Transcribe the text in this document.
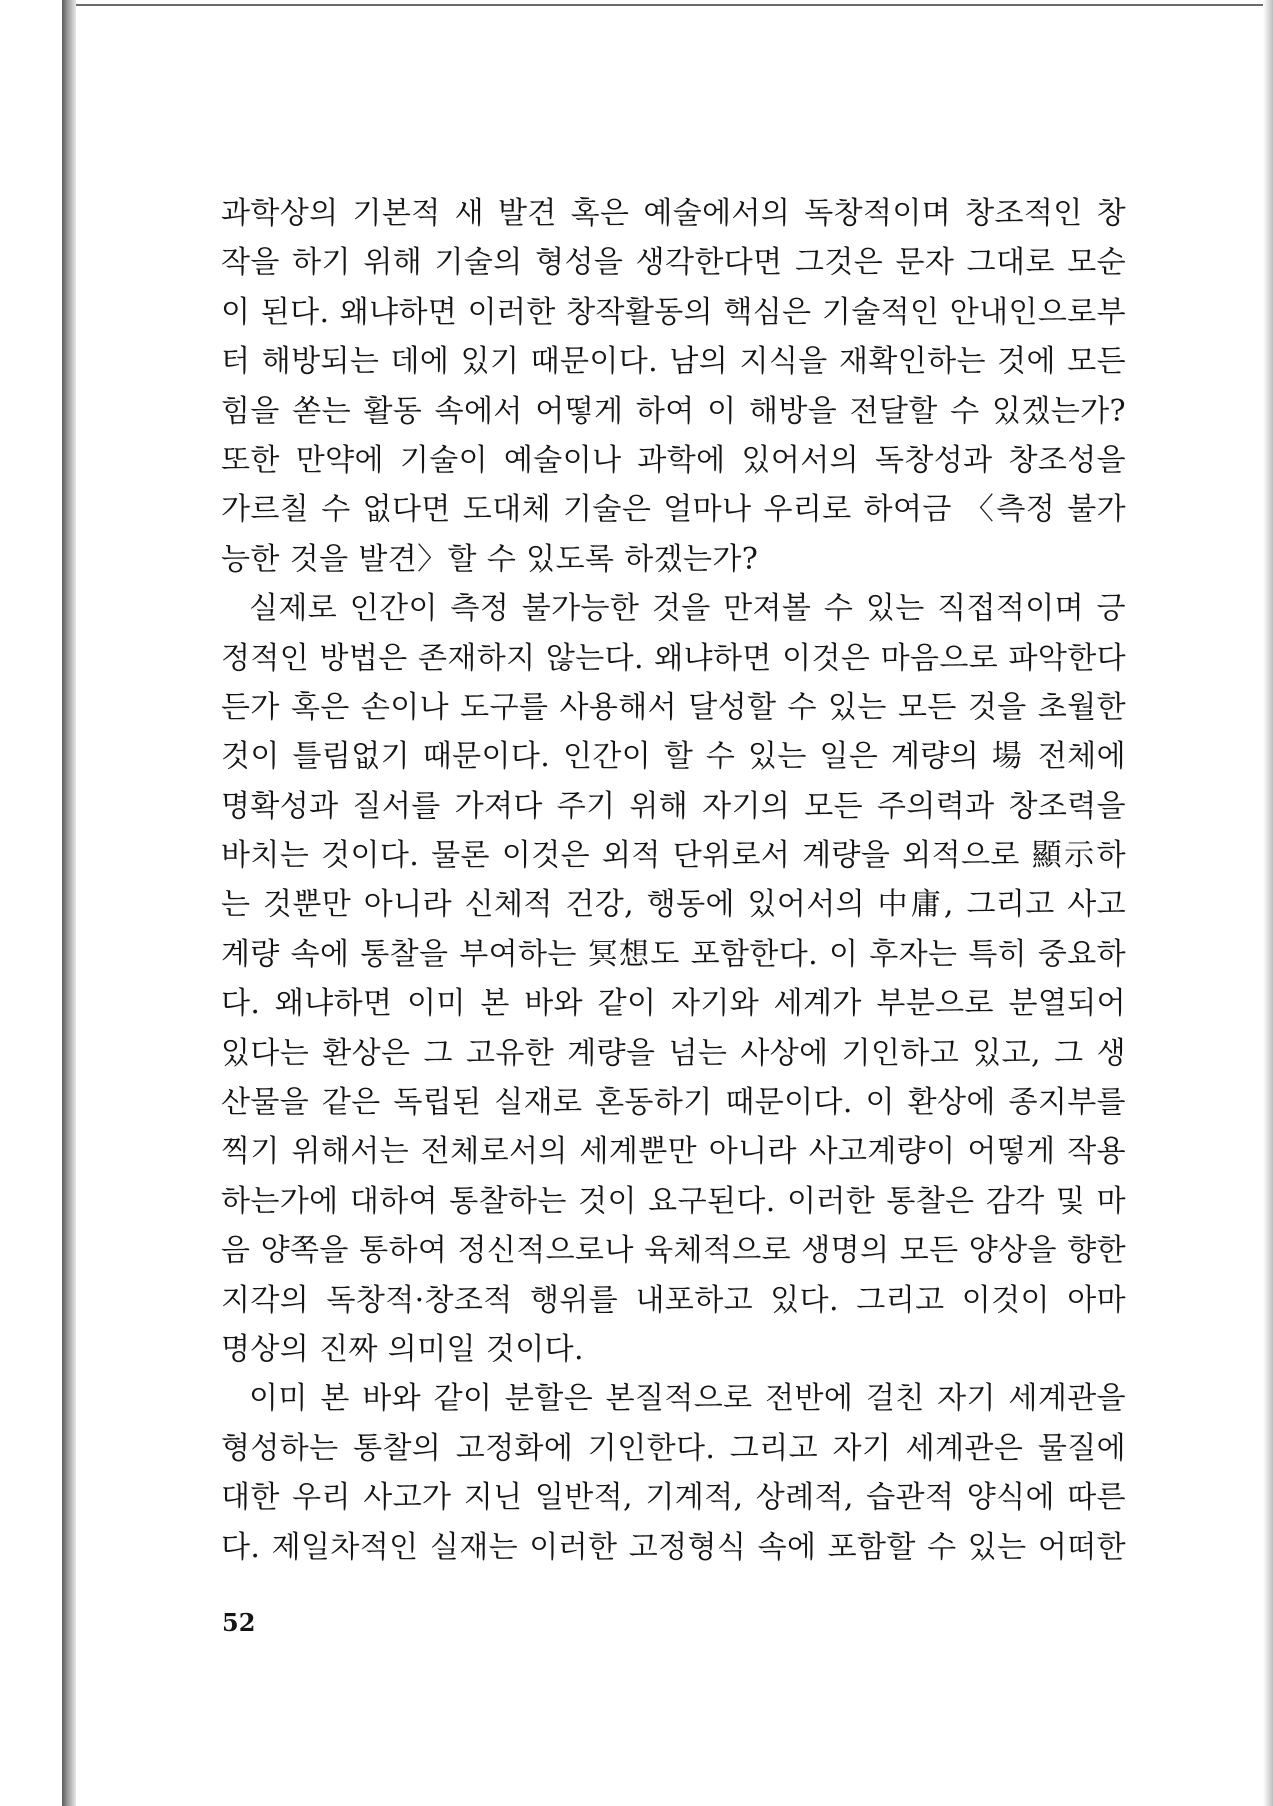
과학상의 기본적 새 발견 혹은 예술에서의 독창적이며 창조적인 창
작을 하기 위해 기술의 형성을 생각한다면 그것은 문자 그대로 모순
이 된다. 왜냐하면 이러한 창작활동의 핵심은 기술적인 안내인으로부
터 해방되는 데에 있기 때문이다. 남의 지식을 재확인하는 것에 모든
힘을 쏟는 활동 속에서 어떻게 하여 이 해방을 전달할 수 있겠는가?
또한 만약에 기술이 예술이나 과학에 있어서의 독창성과 창조성을
가르칠 수 없다면 도대체 기술은 얼마나 우리로 하여금 〈측정 불가
능한 것을 발견〉할 수 있도록 하겠는가?
실제로 인간이 측정 불가능한 것을 만져볼 수 있는 직접적이며 긍
정적인 방법은 존재하지 않는다. 왜냐하면 이것은 마음으로 파악한다
든가 혹은 손이나 도구를 사용해서 달성할 수 있는 모든 것을 초월한
것이 틀림없기 때문이다. 인간이 할 수 있는 일은 계량의 場 전체에
명확성과 질서를 가져다 주기 위해 자기의 모든 주의력과 창조력을
바치는 것이다. 물론 이것은 외적 단위로서 계량을 외적으로 顯示하
는 것뿐만 아니라 신체적 건강, 행동에 있어서의 中庸, 그리고 사고
계량 속에 통찰을 부여하는 冥想도 포함한다. 이 후자는 특히 중요하
다. 왜냐하면 이미 본 바와 같이 자기와 세계가 부분으로 분열되어
있다는 환상은 그 고유한 계량을 넘는 사상에 기인하고 있고, 그 생
산물을 같은 독립된 실재로 혼동하기 때문이다. 이 환상에 종지부를
찍기 위해서는 전체로서의 세계뿐만 아니라 사고계량이 어떻게 작용
하는가에 대하여 통찰하는 것이 요구된다. 이러한 통찰은 감각 및 마
음 양쪽을 통하여 정신적으로나 육체적으로 생명의 모든 양상을 향한
지각의 독창적·창조적 행위를 내포하고 있다. 그리고 이것이 아마
명상의 진짜 의미일 것이다.
이미 본 바와 같이 분할은 본질적으로 전반에 걸친 자기 세계관을
형성하는 통찰의 고정화에 기인한다. 그리고 자기 세계관은 물질에
대한 우리 사고가 지닌 일반적, 기계적, 상례적, 습관적 양식에 따른
다. 제일차적인 실재는 이러한 고정형식 속에 포함할 수 있는 어떠한
52
